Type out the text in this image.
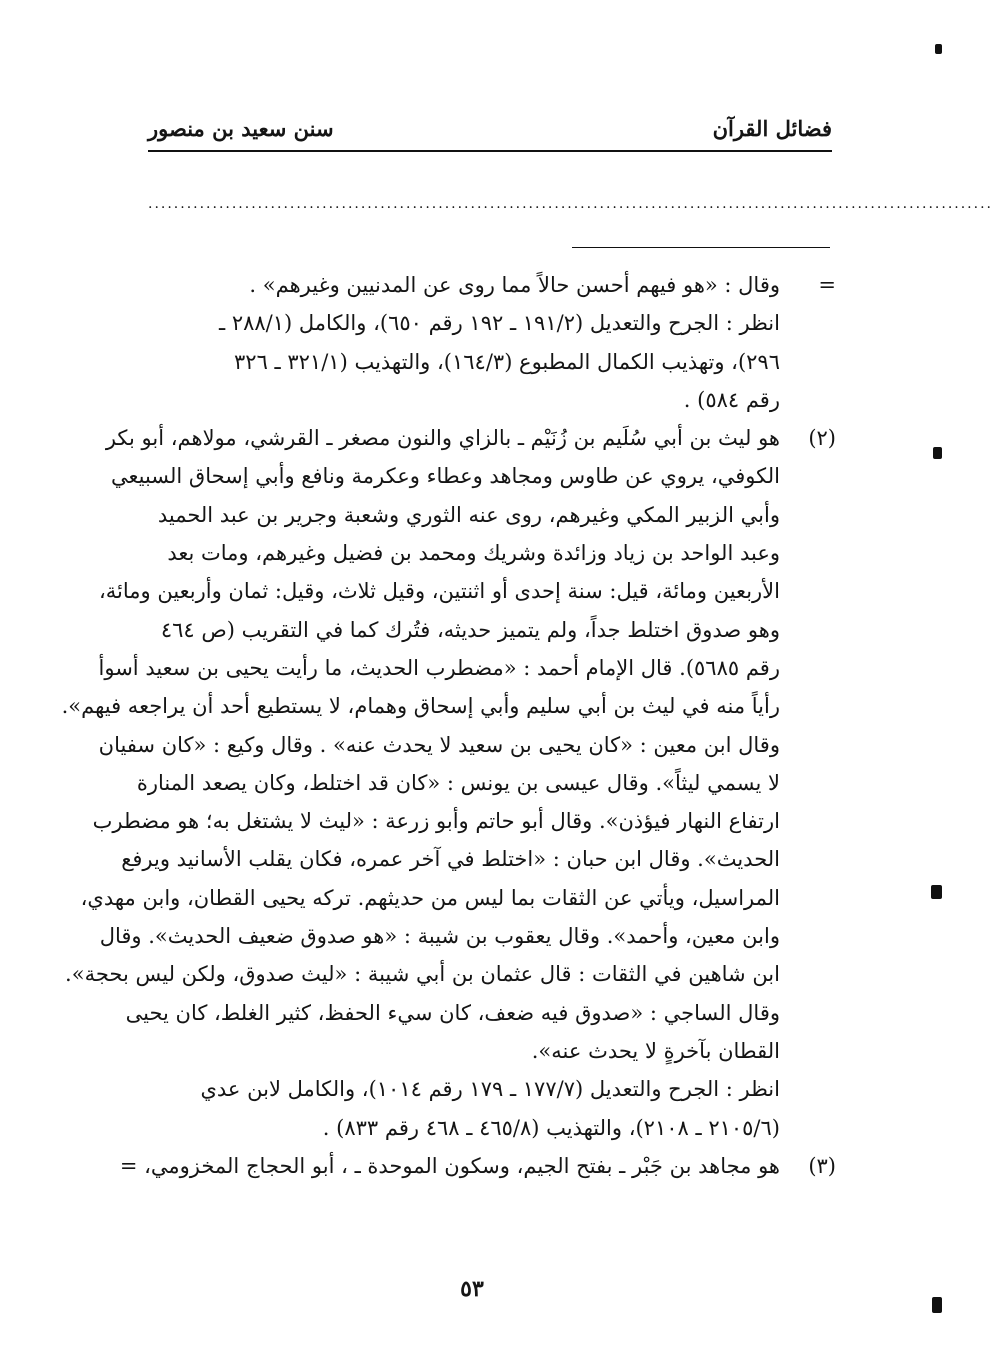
فضائل القرآن
سنن سعيد بن منصور
...................................................................................................................................
=
وقال : «هو فيهم أحسن حالاً مما روى عن المدنيين وغيرهم» .
انظر : الجرح والتعديل (١٩١/٢ ـ ١٩٢ رقم ٦٥٠)، والكامل (٢٨٨/١ ـ
٢٩٦)، وتهذيب الكمال المطبوع (١٦٤/٣)، والتهذيب (٣٢١/١ ـ ٣٢٦
رقم ٥٨٤) .
(٢)
هو ليث بن أبي سُلَيم بن زُنَيْم ـ بالزاي والنون مصغر ـ القرشي، مولاهم، أبو بكر
الكوفي، يروي عن طاوس ومجاهد وعطاء وعكرمة ونافع وأبي إسحاق السبيعي
وأبي الزبير المكي وغيرهم، روى عنه الثوري وشعبة وجرير بن عبد الحميد
وعبد الواحد بن زياد وزائدة وشريك ومحمد بن فضيل وغيرهم، ومات بعد
الأربعين ومائة، قيل: سنة إحدى أو اثنتين، وقيل ثلاث، وقيل: ثمان وأربعين ومائة،
وهو صدوق اختلط جداً، ولم يتميز حديثه، فتُرك كما في التقريب (ص ٤٦٤
رقم ٥٦٨٥). قال الإمام أحمد : «مضطرب الحديث، ما رأيت يحيى بن سعيد أسوأ
رأياً منه في ليث بن أبي سليم وأبي إسحاق وهمام، لا يستطيع أحد أن يراجعه فيهم».
وقال ابن معين : «كان يحيى بن سعيد لا يحدث عنه» . وقال وكيع : «كان سفيان
لا يسمي ليثاً». وقال عيسى بن يونس : «كان قد اختلط، وكان يصعد المنارة
ارتفاع النهار فيؤذن». وقال أبو حاتم وأبو زرعة : «ليث لا يشتغل به؛ هو مضطرب
الحديث». وقال ابن حبان : «اختلط في آخر عمره، فكان يقلب الأسانيد ويرفع
المراسيل، ويأتي عن الثقات بما ليس من حديثهم. تركه يحيى القطان، وابن مهدي،
وابن معين، وأحمد». وقال يعقوب بن شيبة : «هو صدوق ضعيف الحديث». وقال
ابن شاهين في الثقات : قال عثمان بن أبي شيبة : «ليث صدوق، ولكن ليس بحجة».
وقال الساجي : «صدوق فيه ضعف، كان سيء الحفظ، كثير الغلط، كان يحيى
القطان بآخرةٍ لا يحدث عنه».
انظر : الجرح والتعديل (١٧٧/٧ ـ ١٧٩ رقم ١٠١٤)، والكامل لابن عدي
(٢١٠٥/٦ ـ ٢١٠٨)، والتهذيب (٤٦٥/٨ ـ ٤٦٨ رقم ٨٣٣) .
(٣)
هو مجاهد بن جَبْر ـ بفتح الجيم، وسكون الموحدة ـ ، أبو الحجاج المخزومي، =
٥٣
